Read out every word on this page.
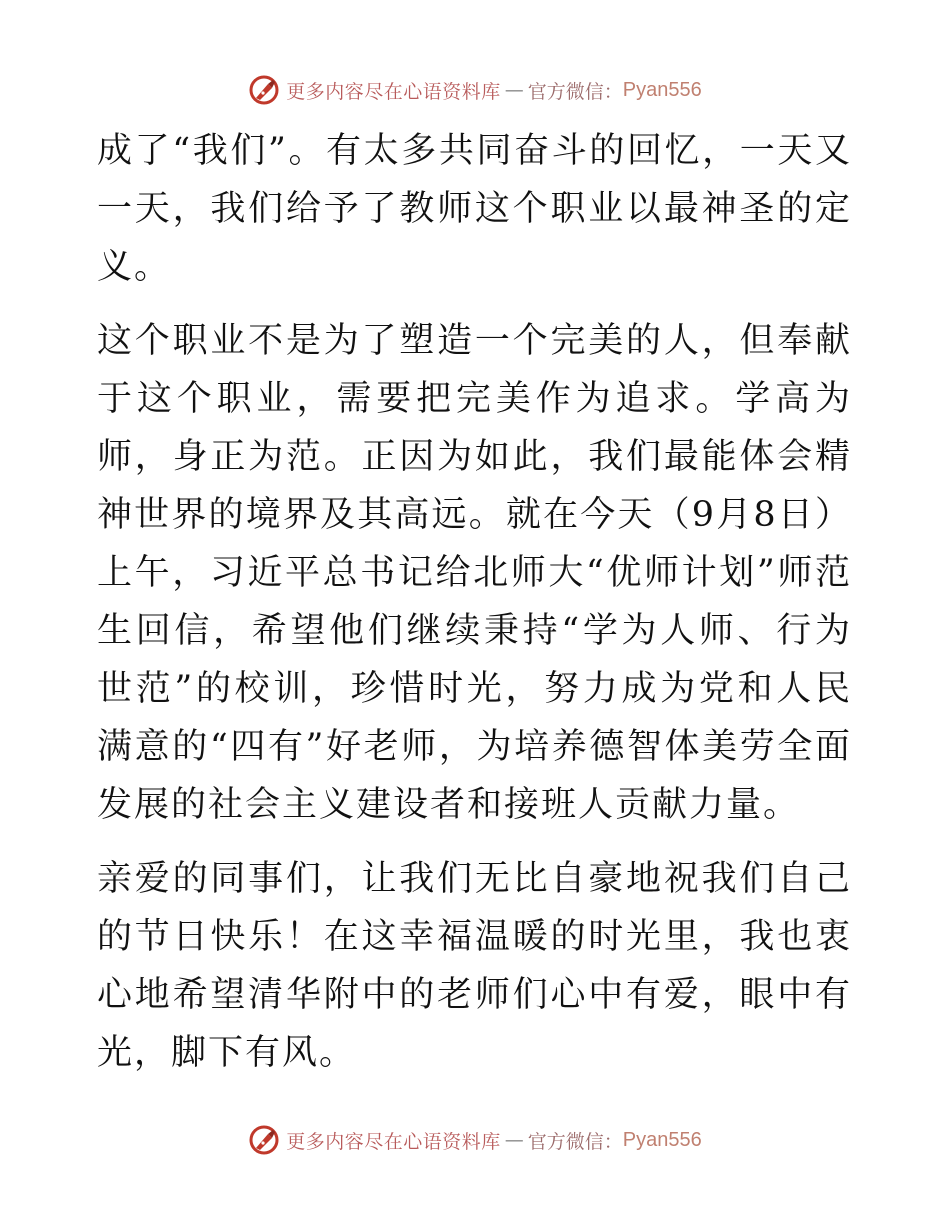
更多内容尽在心语资料库 — 官方微信： Pyan556

成了“我们”。有太多共同奋斗的回忆，一天又一天，我们给予了教师这个职业以最神圣的定义。

这个职业不是为了塑造一个完美的人，但奉献于这个职业，需要把完美作为追求。学高为师，身正为范。正因为如此，我们最能体会精神世界的境界及其高远。就在今天（9月8日）上午，习近平总书记给北师大“优师计划”师范生回信，希望他们继续秉持“学为人师、行为世范”的校训，珍惜时光，努力成为党和人民满意的“四有”好老师，为培养德智体美劳全面发展的社会主义建设者和接班人贡献力量。

亲爱的同事们，让我们无比自豪地祝我们自己的节日快乐！在这幸福温暖的时光里，我也衷心地希望清华附中的老师们心中有爱，眼中有光，脚下有风。

更多内容尽在心语资料库 — 官方微信： Pyan556
